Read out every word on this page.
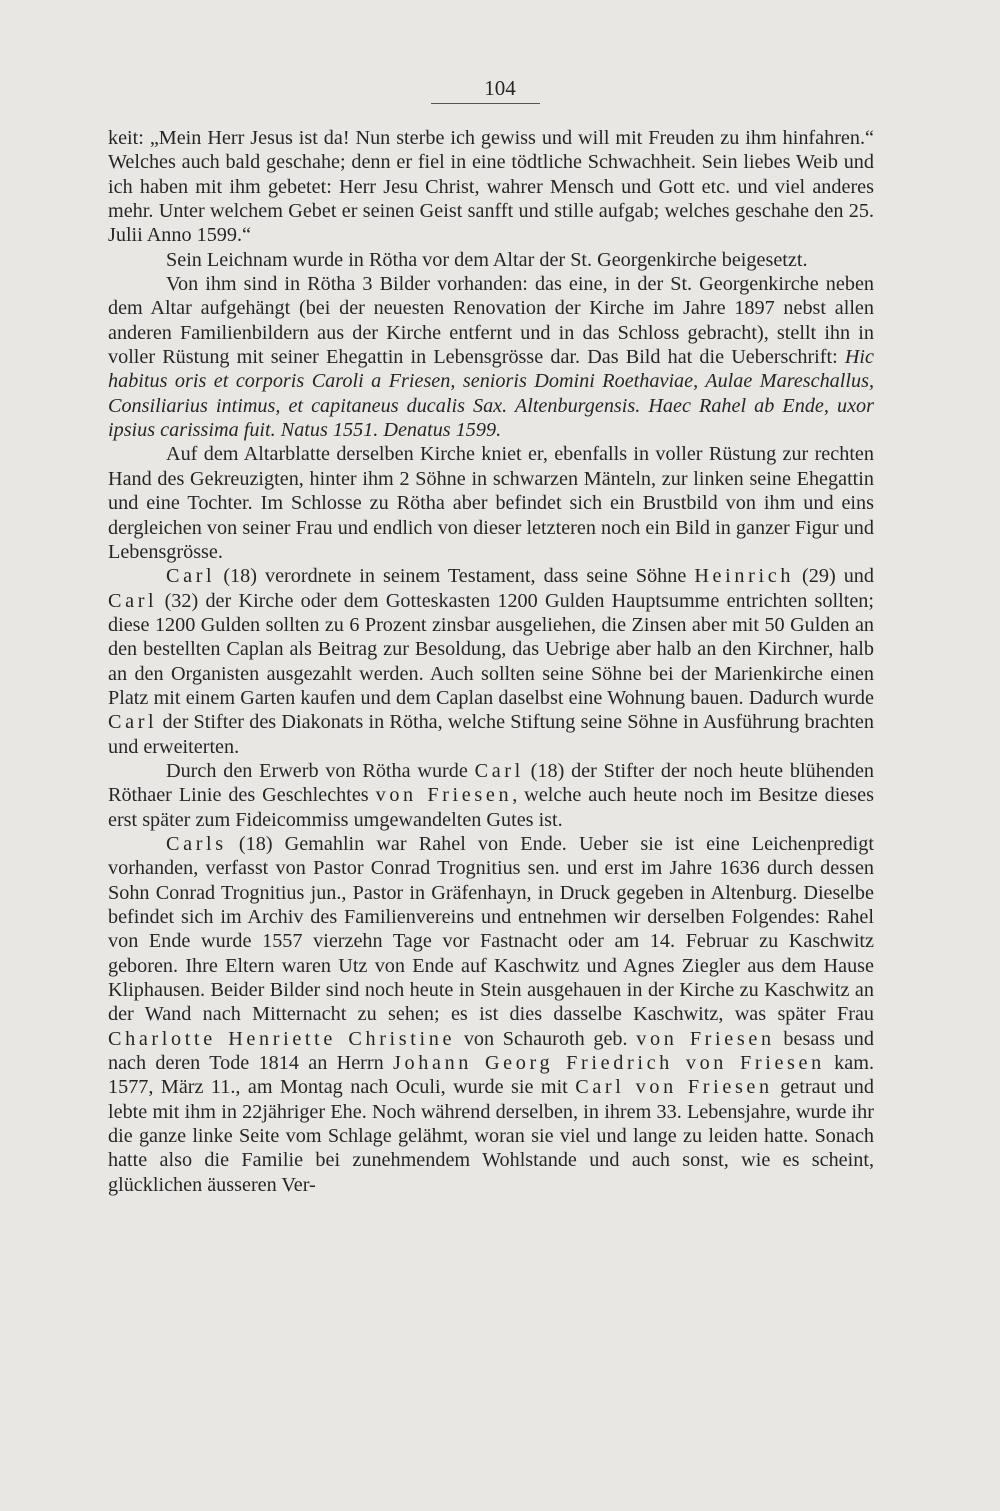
104

keit: „Mein Herr Jesus ist da! Nun sterbe ich gewiss und will mit Freuden zu ihm hinfahren.“ Welches auch bald geschahe; denn er fiel in eine tödtliche Schwachheit. Sein liebes Weib und ich haben mit ihm gebetet: Herr Jesu Christ, wahrer Mensch und Gott etc. und viel anderes mehr. Unter welchem Gebet er seinen Geist sanfft und stille aufgab; welches geschahe den 25. Julii Anno 1599.“

Sein Leichnam wurde in Rötha vor dem Altar der St. Georgenkirche beigesetzt.

Von ihm sind in Rötha 3 Bilder vorhanden: das eine, in der St. Georgenkirche neben dem Altar aufgehängt (bei der neuesten Renovation der Kirche im Jahre 1897 nebst allen anderen Familienbildern aus der Kirche entfernt und in das Schloss gebracht), stellt ihn in voller Rüstung mit seiner Ehegattin in Lebensgrösse dar. Das Bild hat die Ueberschrift: Hic habitus oris et corporis Caroli a Friesen, senioris Domini Roethaviae, Aulae Mareschallus, Consiliarius intimus, et capitaneus ducalis Sax. Altenburgensis. Haec Rahel ab Ende, uxor ipsius carissima fuit. Natus 1551. Denatus 1599.

Auf dem Altarblatte derselben Kirche kniet er, ebenfalls in voller Rüstung zur rechten Hand des Gekreuzigten, hinter ihm 2 Söhne in schwarzen Mänteln, zur linken seine Ehegattin und eine Tochter. Im Schlosse zu Rötha aber befindet sich ein Brustbild von ihm und eins dergleichen von seiner Frau und endlich von dieser letzteren noch ein Bild in ganzer Figur und Lebensgrösse.

Carl (18) verordnete in seinem Testament, dass seine Söhne Heinrich (29) und Carl (32) der Kirche oder dem Gotteskasten 1200 Gulden Hauptsumme entrichten sollten; diese 1200 Gulden sollten zu 6 Prozent zinsbar ausgeliehen, die Zinsen aber mit 50 Gulden an den bestellten Caplan als Beitrag zur Besoldung, das Uebrige aber halb an den Kirchner, halb an den Organisten ausgezahlt werden. Auch sollten seine Söhne bei der Marienkirche einen Platz mit einem Garten kaufen und dem Caplan daselbst eine Wohnung bauen. Dadurch wurde Carl der Stifter des Diakonats in Rötha, welche Stiftung seine Söhne in Ausführung brachten und erweiterten.

Durch den Erwerb von Rötha wurde Carl (18) der Stifter der noch heute blühenden Röthaer Linie des Geschlechtes von Friesen, welche auch heute noch im Besitze dieses erst später zum Fideicommiss umgewandelten Gutes ist.

Carls (18) Gemahlin war Rahel von Ende. Ueber sie ist eine Leichenpredigt vorhanden, verfasst von Pastor Conrad Trognitius sen. und erst im Jahre 1636 durch dessen Sohn Conrad Trognitius jun., Pastor in Gräfenhayn, in Druck gegeben in Altenburg. Dieselbe befindet sich im Archiv des Familienvereins und entnehmen wir derselben Folgendes: Rahel von Ende wurde 1557 vierzehn Tage vor Fastnacht oder am 14. Februar zu Kaschwitz geboren. Ihre Eltern waren Utz von Ende auf Kaschwitz und Agnes Ziegler aus dem Hause Kliphausen. Beider Bilder sind noch heute in Stein ausgehauen in der Kirche zu Kaschwitz an der Wand nach Mitternacht zu sehen; es ist dies dasselbe Kaschwitz, was später Frau Charlotte Henriette Christine von Schauroth geb. von Friesen besass und nach deren Tode 1814 an Herrn Johann Georg Friedrich von Friesen kam. 1577, März 11., am Montag nach Oculi, wurde sie mit Carl von Friesen getraut und lebte mit ihm in 22jähriger Ehe. Noch während derselben, in ihrem 33. Lebensjahre, wurde ihr die ganze linke Seite vom Schlage gelähmt, woran sie viel und lange zu leiden hatte. Sonach hatte also die Familie bei zunehmendem Wohlstande und auch sonst, wie es scheint, glücklichen äusseren Ver-
